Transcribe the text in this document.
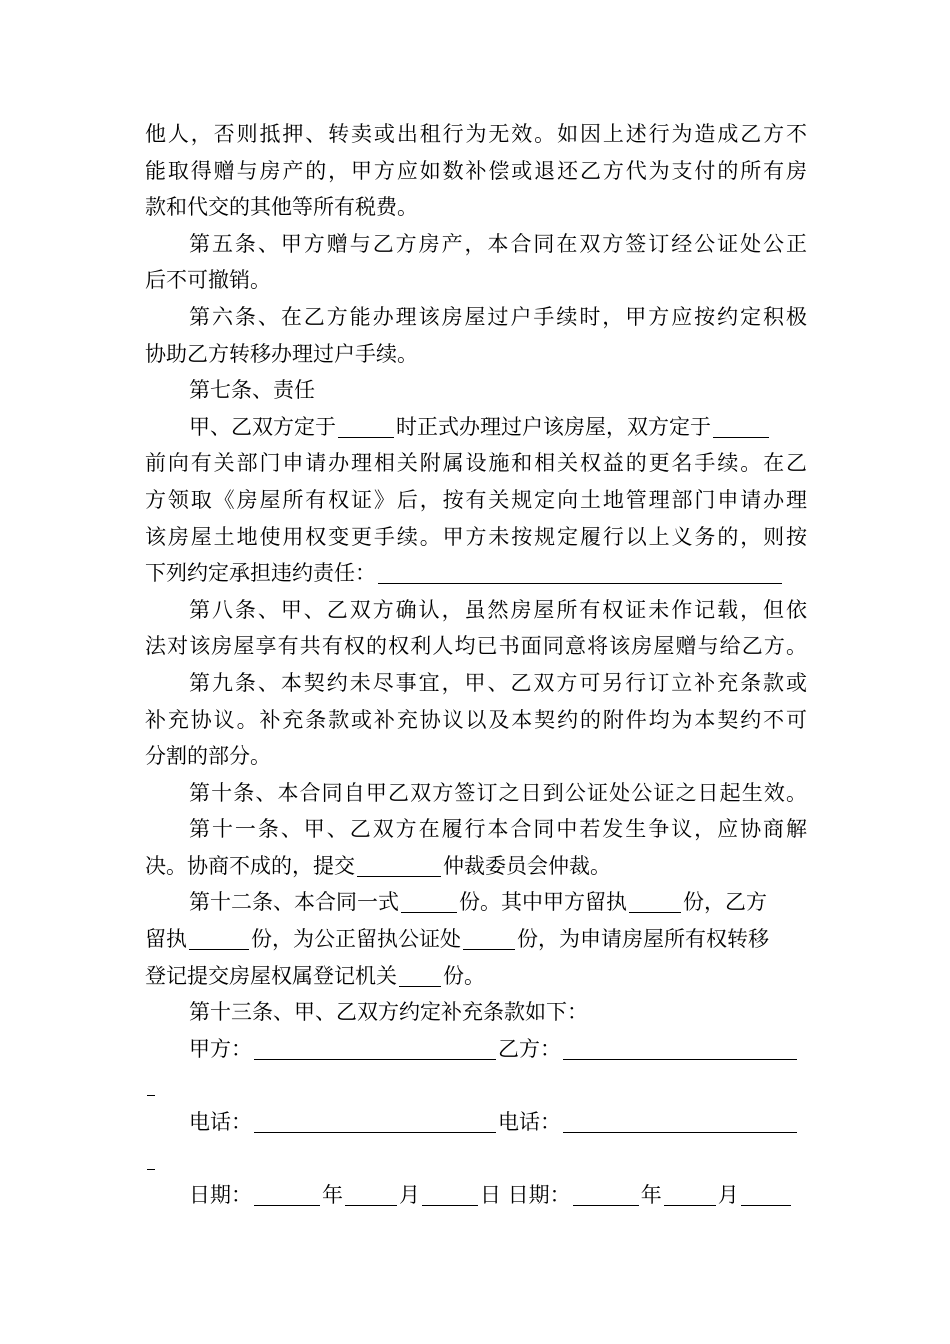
他人，否则抵押、转卖或出租行为无效。如因上述行为造成乙方不
能取得赠与房产的，甲方应如数补偿或退还乙方代为支付的所有房
款和代交的其他等所有税费。
第五条、甲方赠与乙方房产，本合同在双方签订经公证处公正
后不可撤销。
第六条、在乙方能办理该房屋过户手续时，甲方应按约定积极
协助乙方转移办理过户手续。
第七条、责任
甲、乙双方定于	时正式办理过户该房屋，双方定于
前向有关部门申请办理相关附属设施和相关权益的更名手续。在乙
方领取《房屋所有权证》后，按有关规定向土地管理部门申请办理
该房屋土地使用权变更手续。甲方未按规定履行以上义务的，则按
下列约定承担违约责任：
第八条、甲、乙双方确认，虽然房屋所有权证未作记载，但依
法对该房屋享有共有权的权利人均已书面同意将该房屋赠与给乙方。
第九条、本契约未尽事宜，甲、乙双方可另行订立补充条款或
补充协议。补充条款或补充协议以及本契约的附件均为本契约不可
分割的部分。
第十条、本合同自甲乙双方签订之日到公证处公证之日起生效。
第十一条、甲、乙双方在履行本合同中若发生争议，应协商解
决。协商不成的，提交	仲裁委员会仲裁。
第十二条、本合同一式	份。其中甲方留执	份，乙方
留执	份，为公正留执公证处	份，为申请房屋所有权转移
登记提交房屋权属登记机关 份。
第十三条、甲、乙双方约定补充条款如下：
甲方：	乙方：
电话：	电话：
日期：	年	月	日 日期：	年	月
